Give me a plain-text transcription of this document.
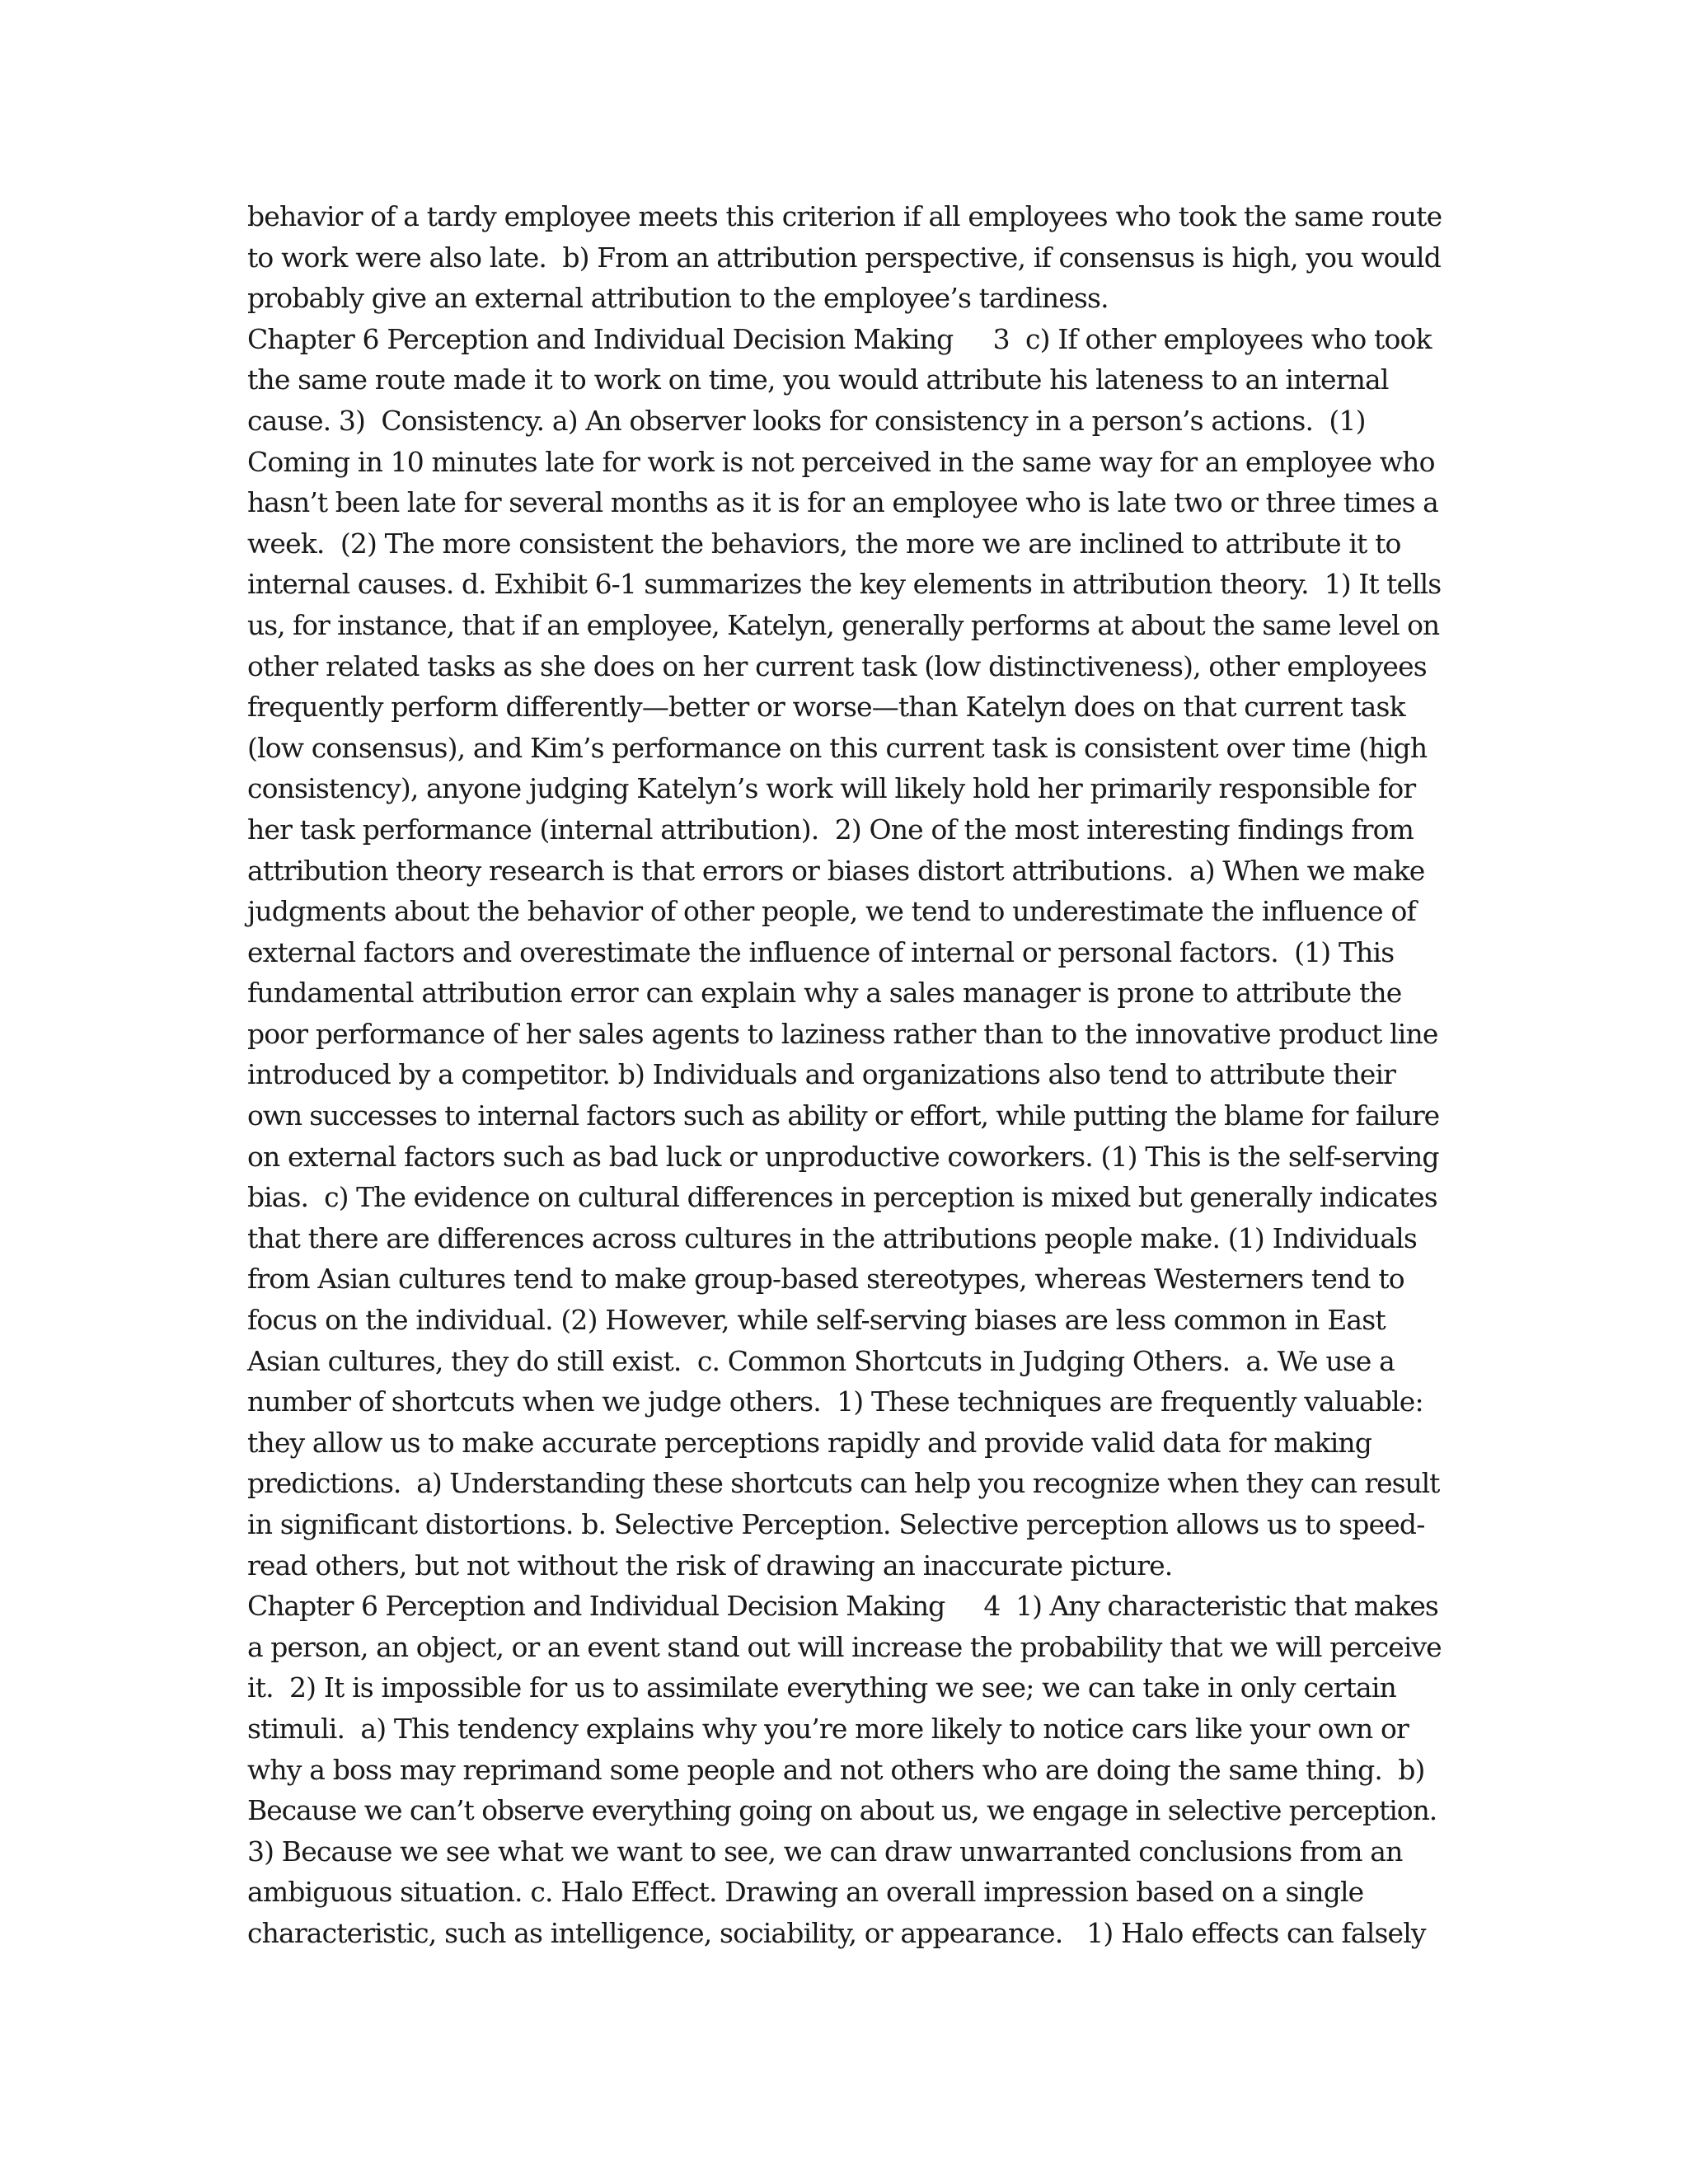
behavior of a tardy employee meets this criterion if all employees who took the same route
to work were also late.  b) From an attribution perspective, if consensus is high, you would
probably give an external attribution to the employee’s tardiness.
Chapter 6 Perception and Individual Decision Making     3  c) If other employees who took
the same route made it to work on time, you would attribute his lateness to an internal
cause. 3)  Consistency. a) An observer looks for consistency in a person’s actions.  (1)
Coming in 10 minutes late for work is not perceived in the same way for an employee who
hasn’t been late for several months as it is for an employee who is late two or three times a
week.  (2) The more consistent the behaviors, the more we are inclined to attribute it to
internal causes. d. Exhibit 6-1 summarizes the key elements in attribution theory.  1) It tells
us, for instance, that if an employee, Katelyn, generally performs at about the same level on
other related tasks as she does on her current task (low distinctiveness), other employees
frequently perform differently—better or worse—than Katelyn does on that current task
(low consensus), and Kim’s performance on this current task is consistent over time (high
consistency), anyone judging Katelyn’s work will likely hold her primarily responsible for
her task performance (internal attribution).  2) One of the most interesting findings from
attribution theory research is that errors or biases distort attributions.  a) When we make
judgments about the behavior of other people, we tend to underestimate the influence of
external factors and overestimate the influence of internal or personal factors.  (1) This
fundamental attribution error can explain why a sales manager is prone to attribute the
poor performance of her sales agents to laziness rather than to the innovative product line
introduced by a competitor. b) Individuals and organizations also tend to attribute their
own successes to internal factors such as ability or effort, while putting the blame for failure
on external factors such as bad luck or unproductive coworkers. (1) This is the self-serving
bias.  c) The evidence on cultural differences in perception is mixed but generally indicates
that there are differences across cultures in the attributions people make. (1) Individuals
from Asian cultures tend to make group-based stereotypes, whereas Westerners tend to
focus on the individual. (2) However, while self-serving biases are less common in East
Asian cultures, they do still exist.  c. Common Shortcuts in Judging Others.  a. We use a
number of shortcuts when we judge others.  1) These techniques are frequently valuable:
they allow us to make accurate perceptions rapidly and provide valid data for making
predictions.  a) Understanding these shortcuts can help you recognize when they can result
in significant distortions. b. Selective Perception. Selective perception allows us to speed-
read others, but not without the risk of drawing an inaccurate picture.
Chapter 6 Perception and Individual Decision Making     4  1) Any characteristic that makes
a person, an object, or an event stand out will increase the probability that we will perceive
it.  2) It is impossible for us to assimilate everything we see; we can take in only certain
stimuli.  a) This tendency explains why you’re more likely to notice cars like your own or
why a boss may reprimand some people and not others who are doing the same thing.  b)
Because we can’t observe everything going on about us, we engage in selective perception.
3) Because we see what we want to see, we can draw unwarranted conclusions from an
ambiguous situation. c. Halo Effect. Drawing an overall impression based on a single
characteristic, such as intelligence, sociability, or appearance.   1) Halo effects can falsely
